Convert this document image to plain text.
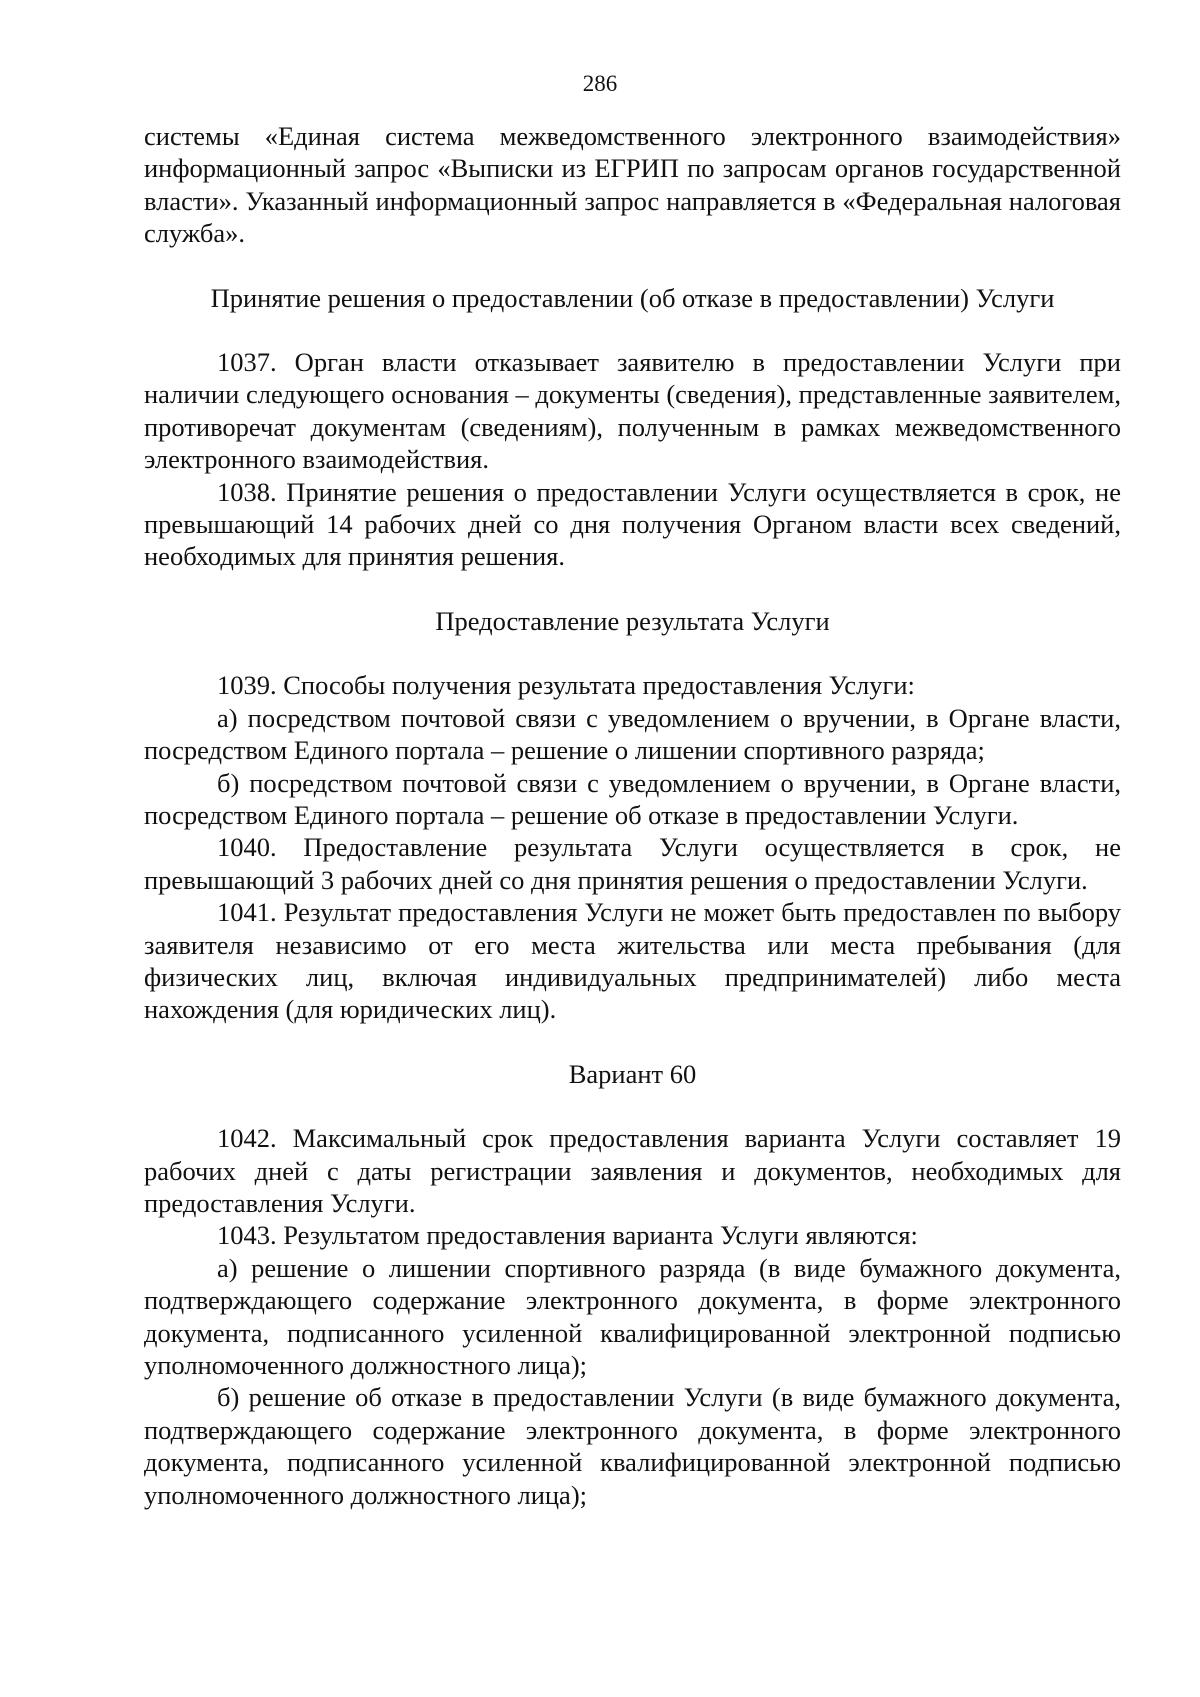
286

системы «Единая система межведомственного электронного взаимодействия» информационный запрос «Выписки из ЕГРИП по запросам органов государственной власти». Указанный информационный запрос направляется в «Федеральная налоговая служба».

Принятие решения о предоставлении (об отказе в предоставлении) Услуги

1037. Орган власти отказывает заявителю в предоставлении Услуги при наличии следующего основания – документы (сведения), представленные заявителем, противоречат документам (сведениям), полученным в рамках межведомственного электронного взаимодействия.

1038. Принятие решения о предоставлении Услуги осуществляется в срок, не превышающий 14 рабочих дней со дня получения Органом власти всех сведений, необходимых для принятия решения.

Предоставление результата Услуги

1039. Способы получения результата предоставления Услуги:

а) посредством почтовой связи с уведомлением о вручении, в Органе власти, посредством Единого портала – решение о лишении спортивного разряда;

б) посредством почтовой связи с уведомлением о вручении, в Органе власти, посредством Единого портала – решение об отказе в предоставлении Услуги.

1040. Предоставление результата Услуги осуществляется в срок, не превышающий 3 рабочих дней со дня принятия решения о предоставлении Услуги.

1041. Результат предоставления Услуги не может быть предоставлен по выбору заявителя независимо от его места жительства или места пребывания (для физических лиц, включая индивидуальных предпринимателей) либо места нахождения (для юридических лиц).

Вариант 60

1042. Максимальный срок предоставления варианта Услуги составляет 19 рабочих дней с даты регистрации заявления и документов, необходимых для предоставления Услуги.

1043. Результатом предоставления варианта Услуги являются:

а) решение о лишении спортивного разряда (в виде бумажного документа, подтверждающего содержание электронного документа, в форме электронного документа, подписанного усиленной квалифицированной электронной подписью уполномоченного должностного лица);

б) решение об отказе в предоставлении Услуги (в виде бумажного документа, подтверждающего содержание электронного документа, в форме электронного документа, подписанного усиленной квалифицированной электронной подписью уполномоченного должностного лица);
